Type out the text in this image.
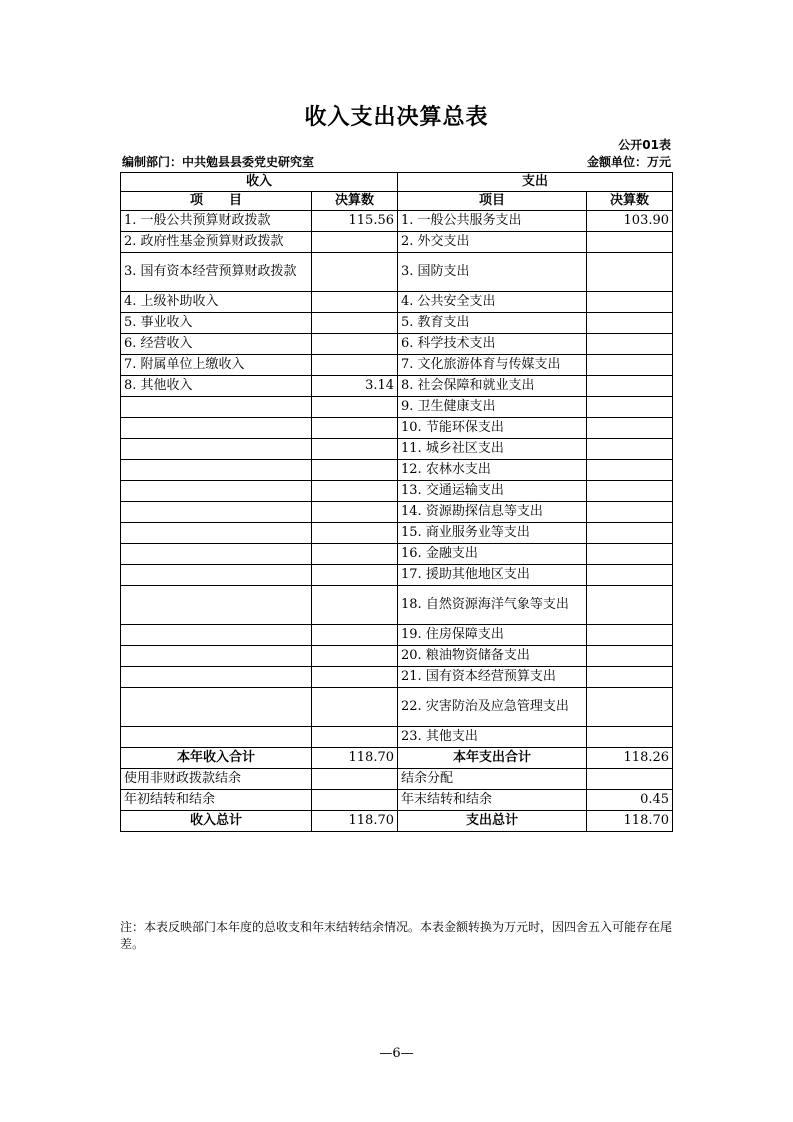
收入支出决算总表
公开01表
编制部门：中共勉县县委党史研究室	金额单位：万元
收入		支出	
项　　目	决算数	项目	决算数
1. 一般公共预算财政拨款	115.56	1. 一般公共服务支出	103.90
2. 政府性基金预算财政拨款		2. 外交支出	
3. 国有资本经营预算财政拨款		3. 国防支出	
4. 上级补助收入		4. 公共安全支出	
5. 事业收入		5. 教育支出	
6. 经营收入		6. 科学技术支出	
7. 附属单位上缴收入		7. 文化旅游体育与传媒支出	
8. 其他收入	3.14	8. 社会保障和就业支出	
		9. 卫生健康支出	
		10. 节能环保支出	
		11. 城乡社区支出	
		12. 农林水支出	
		13. 交通运输支出	
		14. 资源勘探信息等支出	
		15. 商业服务业等支出	
		16. 金融支出	
		17. 援助其他地区支出	
		18. 自然资源海洋气象等支出	
		19. 住房保障支出	
		20. 粮油物资储备支出	
		21. 国有资本经营预算支出	
		22. 灾害防治及应急管理支出	
		23. 其他支出	
本年收入合计	118.70	本年支出合计	118.26
使用非财政拨款结余		结余分配	
年初结转和结余		年末结转和结余	0.45
收入总计	118.70	支出总计	118.70
注：本表反映部门本年度的总收支和年末结转结余情况。本表金额转换为万元时，因四舍五入可能存在尾差。
—6—
